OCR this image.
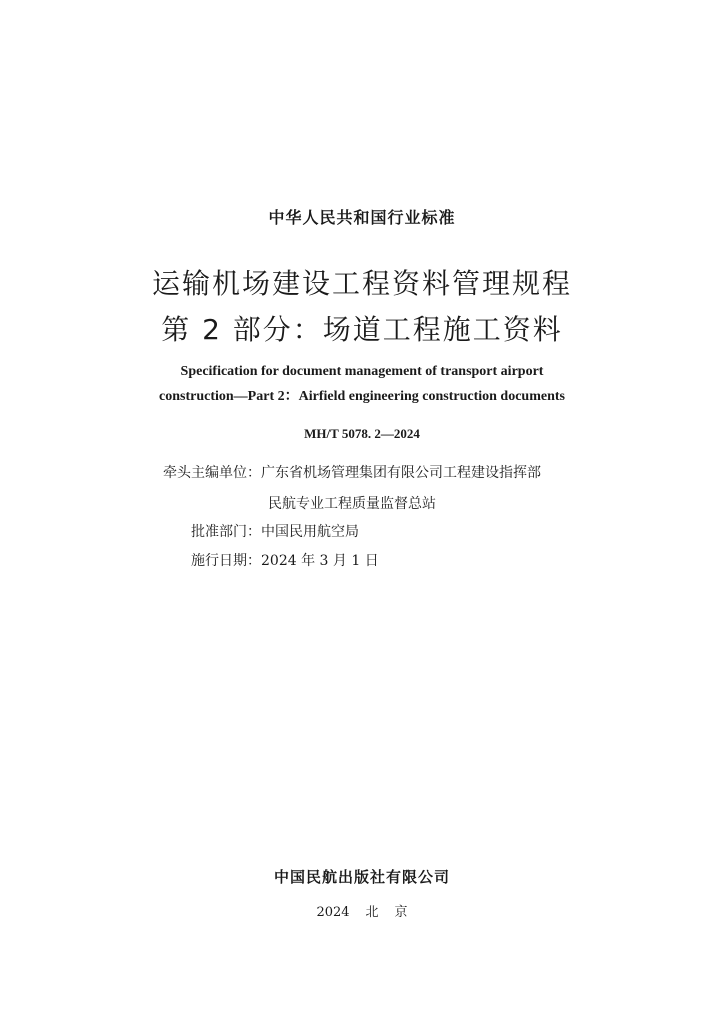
中华人民共和国行业标准
运输机场建设工程资料管理规程
第 2 部分：场道工程施工资料
Specification for document management of transport airport
construction—Part 2：Airfield engineering construction documents
MH/T 5078. 2—2024
牵头主编单位：广东省机场管理集团有限公司工程建设指挥部
民航专业工程质量监督总站
批准部门：中国民用航空局
施行日期：2024 年 3 月 1 日
中国民航出版社有限公司
2024 北 京
